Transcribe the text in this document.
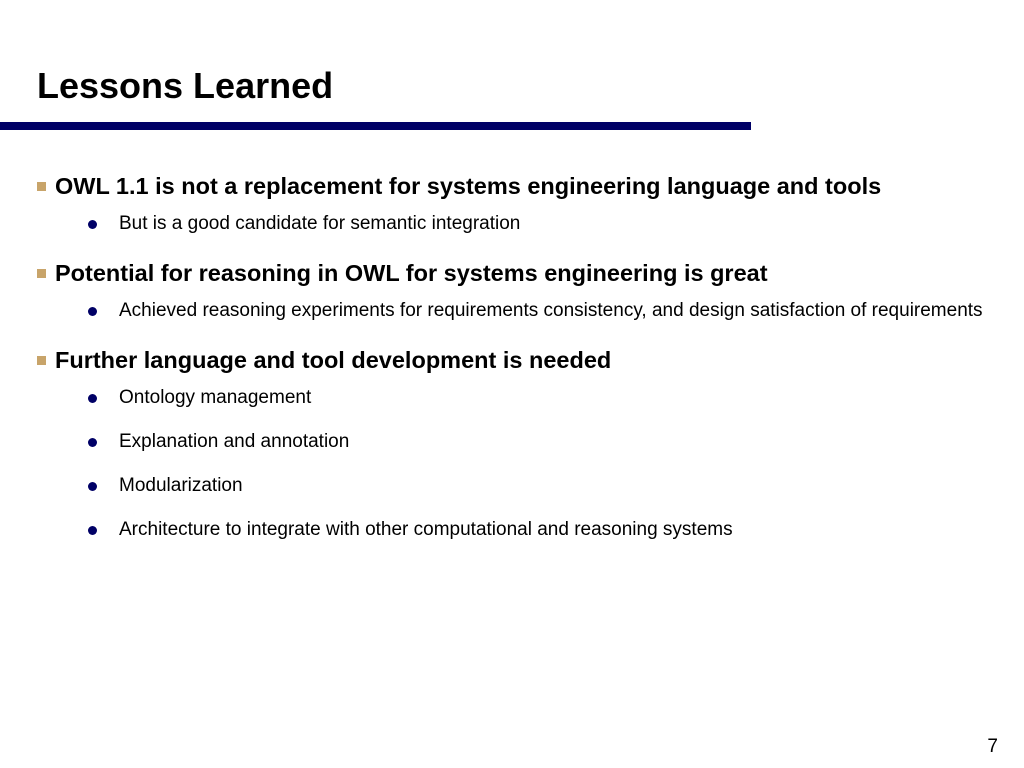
Lessons Learned
OWL 1.1 is not a replacement for systems engineering language and tools
But is a good candidate for semantic integration
Potential for reasoning in OWL for systems engineering is great
Achieved reasoning experiments for requirements consistency, and design satisfaction of requirements
Further language and tool development is needed
Ontology management
Explanation and annotation
Modularization
Architecture to integrate with other computational and reasoning systems
7
